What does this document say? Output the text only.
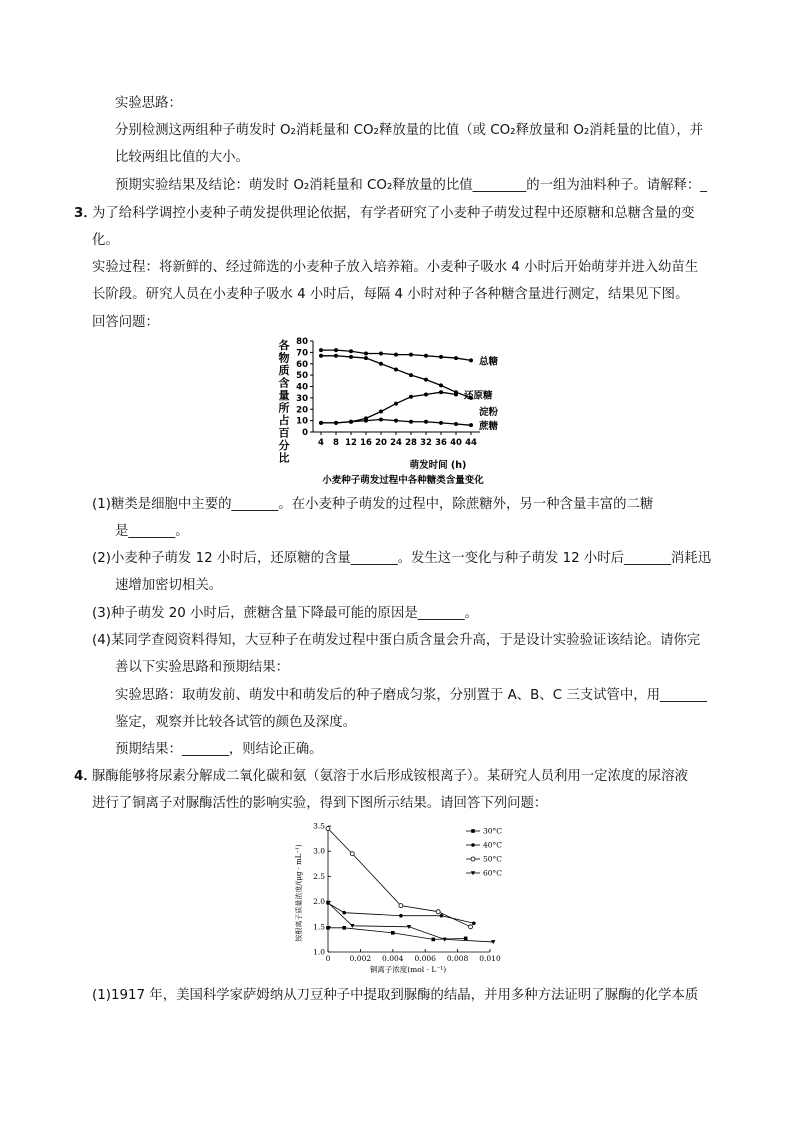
实验思路：
分别检测这两组种子萌发时 O₂消耗量和 CO₂释放量的比值（或 CO₂释放量和 O₂消耗量的比值），并
比较两组比值的大小。
预期实验结果及结论：萌发时 O₂消耗量和 CO₂释放量的比值________的一组为油料种子。请解释：_
3．
为了给科学调控小麦种子萌发提供理论依据，有学者研究了小麦种子萌发过程中还原糖和总糖含量的变
化。
实验过程：将新鲜的、经过筛选的小麦种子放入培养箱。小麦种子吸水 4 小时后开始萌芽并进入幼苗生
长阶段。研究人员在小麦种子吸水 4 小时后，每隔 4 小时对种子各种糖含量进行测定，结果见下图。
回答问题：
各
物
质
含
量
所
占
百
分
比
0
10
20
30
40
50
60
70
80
4 8 12 16 20 24 28 32 36 40 44
总糖
淀粉
还原糖
蔗糖
萌发时间 (h)
小麦种子萌发过程中各种糖类含量变化
(1)糖类是细胞中主要的_______。在小麦种子萌发的过程中，除蔗糖外，另一种含量丰富的二糖
是_______。
(2)小麦种子萌发 12 小时后，还原糖的含量_______。发生这一变化与种子萌发 12 小时后_______消耗迅
速增加密切相关。
(3)种子萌发 20 小时后，蔗糖含量下降最可能的原因是_______。
(4)某同学查阅资料得知，大豆种子在萌发过程中蛋白质含量会升高，于是设计实验验证该结论。请你完
善以下实验思路和预期结果：
实验思路：取萌发前、萌发中和萌发后的种子磨成匀浆，分别置于 A、B、C 三支试管中，用_______
鉴定，观察并比较各试管的颜色及深度。
预期结果：_______，则结论正确。
4．
脲酶能够将尿素分解成二氧化碳和氨（氨溶于水后形成铵根离子）。某研究人员利用一定浓度的尿溶液
进行了铜离子对脲酶活性的影响实验，得到下图所示结果。请回答下列问题：
铵根离子质量浓度/(μg · mL⁻¹)
1.0
1.5
2.0
2.5
3.0
3.5
0	0.002 0.004 0.006 0.008 0.010
30°C
40°C
50°C
60°C
铜离子浓度(mol · L⁻¹)
(1)1917 年，美国科学家萨姆纳从刀豆种子中提取到脲酶的结晶，并用多种方法证明了脲酶的化学本质
